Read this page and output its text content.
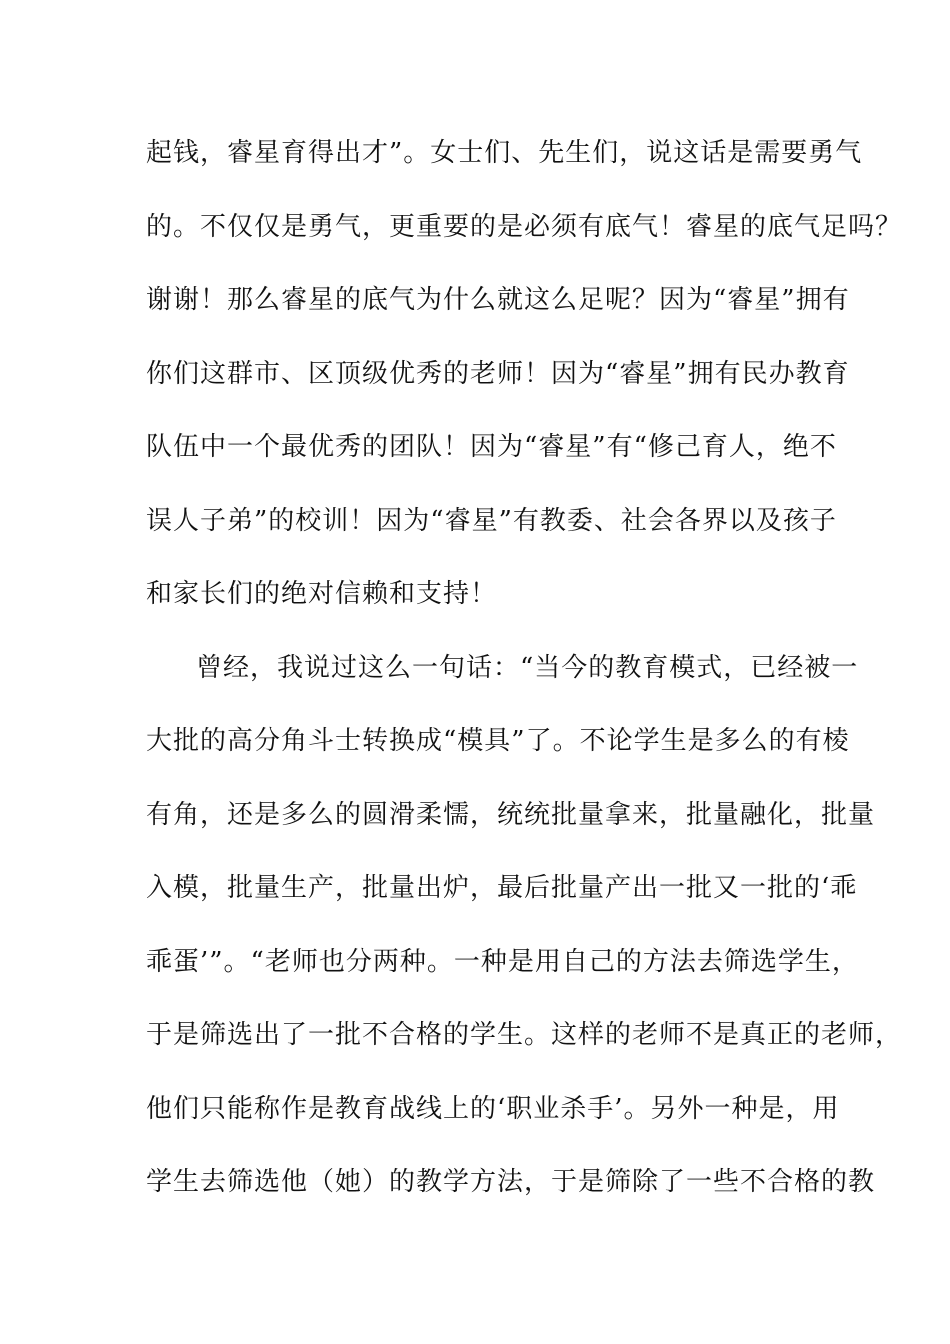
起钱，睿星育得出才”。女士们、先生们，说这话是需要勇气
的。不仅仅是勇气，更重要的是必须有底气！睿星的底气足吗？
谢谢！那么睿星的底气为什么就这么足呢？因为“睿星”拥有
你们这群市、区顶级优秀的老师！因为“睿星”拥有民办教育
队伍中一个最优秀的团队！因为“睿星”有“修己育人，绝不
误人子弟”的校训！因为“睿星”有教委、社会各界以及孩子
和家长们的绝对信赖和支持！
曾经，我说过这么一句话：“当今的教育模式，已经被一
大批的高分角斗士转换成“模具”了。不论学生是多么的有棱
有角，还是多么的圆滑柔懦，统统批量拿来，批量融化，批量
入模，批量生产，批量出炉，最后批量产出一批又一批的‘乖
乖蛋’”。“老师也分两种。一种是用自己的方法去筛选学生，
于是筛选出了一批不合格的学生。这样的老师不是真正的老师，
他们只能称作是教育战线上的‘职业杀手’。另外一种是，用
学生去筛选他（她）的教学方法，于是筛除了一些不合格的教
